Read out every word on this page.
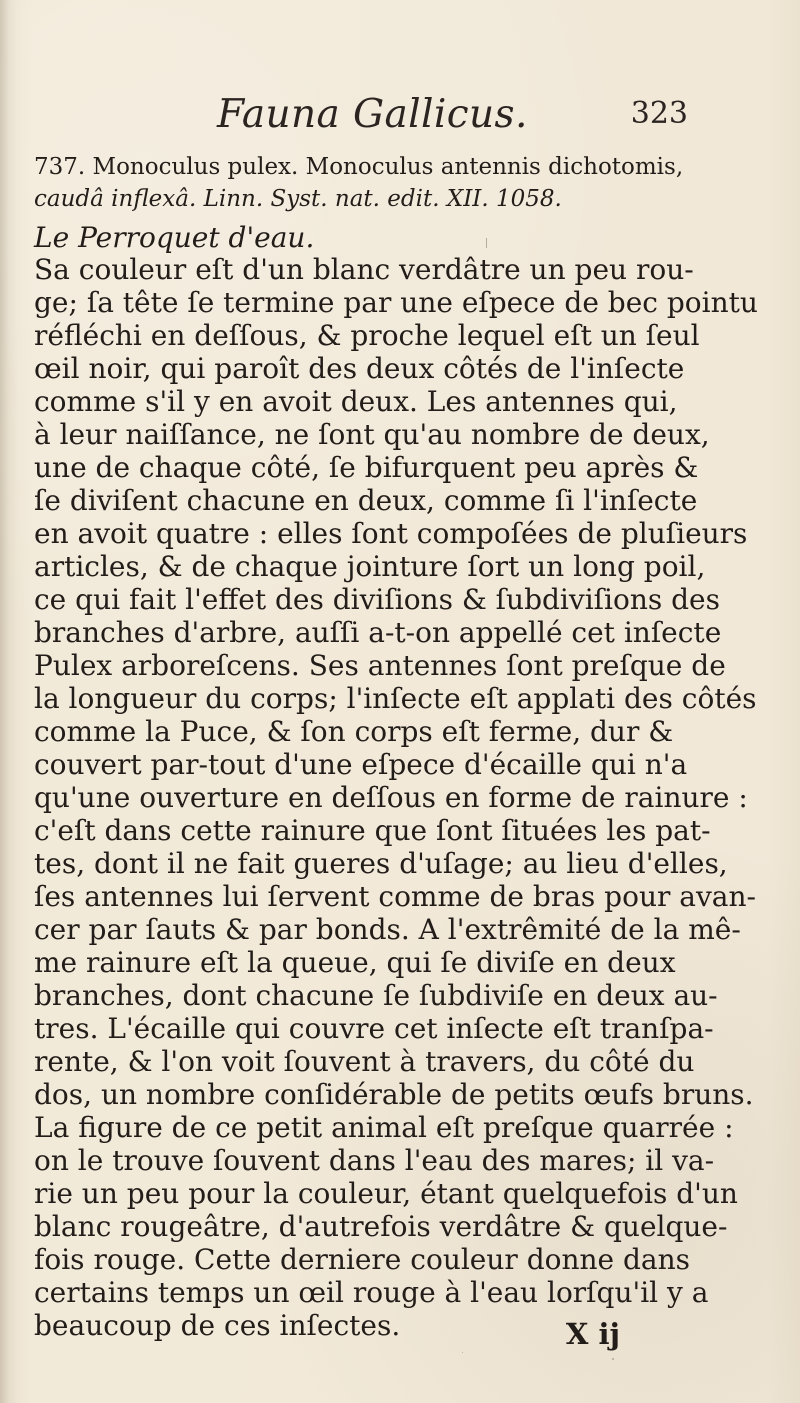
Fauna Gallicus.	323
737. Monoculus pulex. Monoculus antennis dichotomis,
caudâ inflexâ. Linn. Syst. nat. edit. XII. 1058.
Le Perroquet d'eau.
Sa couleur eſt d'un blanc verdâtre un peu rou-
ge; ſa tête ſe termine par une eſpece de bec pointu
réfléchi en deſſous, & proche lequel eſt un ſeul
œil noir, qui paroît des deux côtés de l'inſecte
comme s'il y en avoit deux. Les antennes qui,
à leur naiſſance, ne ſont qu'au nombre de deux,
une de chaque côté, ſe bifurquent peu après &
ſe diviſent chacune en deux, comme ſi l'inſecte
en avoit quatre : elles ſont compoſées de pluſieurs
articles, & de chaque jointure ſort un long poil,
ce qui fait l'effet des diviſions & ſubdiviſions des
branches d'arbre, auſſi a-t-on appellé cet inſecte
Pulex arboreſcens. Ses antennes ſont preſque de
la longueur du corps; l'inſecte eſt applati des côtés
comme la Puce, & ſon corps eſt ferme, dur &
couvert par-tout d'une eſpece d'écaille qui n'a
qu'une ouverture en deſſous en forme de rainure :
c'eſt dans cette rainure que ſont ſituées les pat-
tes, dont il ne fait gueres d'uſage; au lieu d'elles,
ſes antennes lui ſervent comme de bras pour avan-
cer par ſauts & par bonds. A l'extrêmité de la mê-
me rainure eſt la queue, qui ſe diviſe en deux
branches, dont chacune ſe ſubdiviſe en deux au-
tres. L'écaille qui couvre cet inſecte eſt tranſpa-
rente, & l'on voit ſouvent à travers, du côté du
dos, un nombre conſidérable de petits œufs bruns.
La figure de ce petit animal eſt preſque quarrée :
on le trouve ſouvent dans l'eau des mares; il va-
rie un peu pour la couleur, étant quelquefois d'un
blanc rougeâtre, d'autrefois verdâtre & quelque-
fois rouge. Cette derniere couleur donne dans
certains temps un œil rouge à l'eau lorſqu'il y a
beaucoup de ces inſectes.	X ij
